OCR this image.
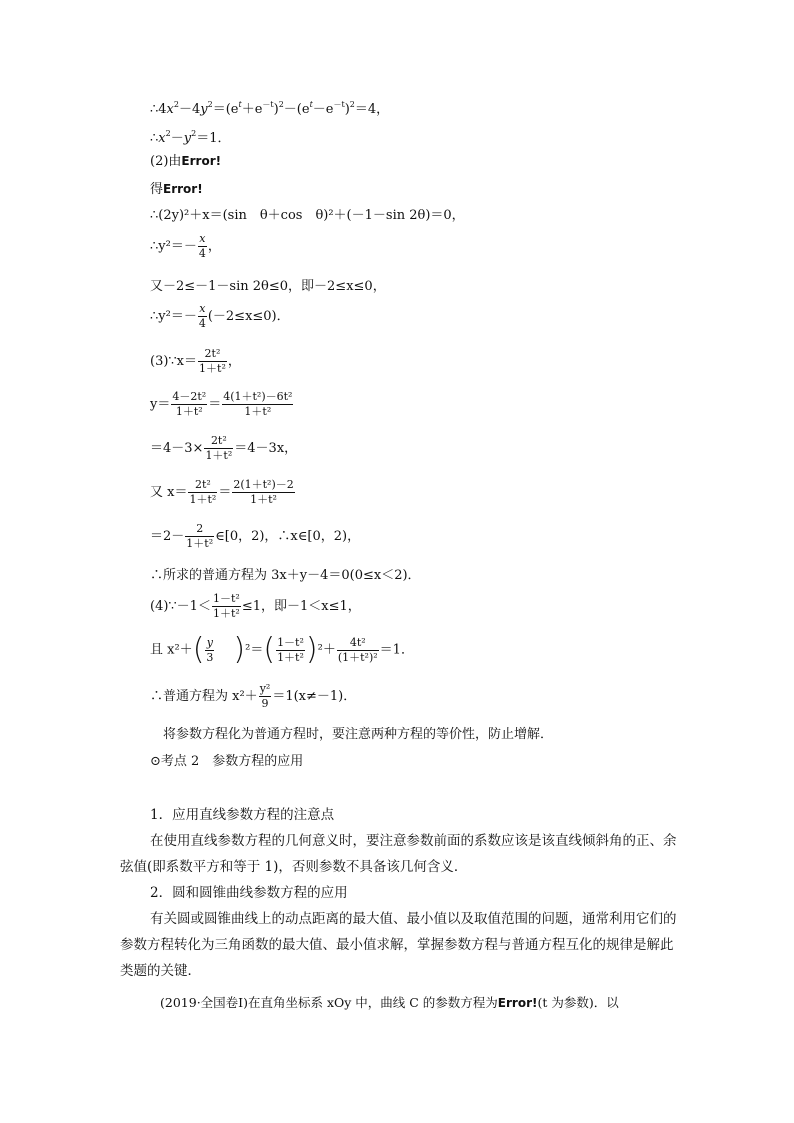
$\therefore 4x^2-4y^2=(e^t+e^{-t})^2-(e^t-e^{-t})^2=4$，
$\therefore x^2-y^2=1$．
(2)由Error!
得Error!
∴(2y)²＋x＝(sin　θ＋cos　θ)²＋(－1－sin 2θ)＝0，
∴y²＝－ $\frac{x}{4}$ ，
又－2≤－1－sin 2θ≤0，即－2≤x≤0，
∴y²＝－ $\frac{x}{4} (-2\le x\le 0)$．
(3)∵x＝ $\frac{\text{2t²}}{\text{1＋t²}}$ ，
$y= \frac{\text{4－2t²}}{\text{1＋t²}} = \frac{\text{4(1＋t²)－6t²}}{\text{1＋t²}}$
$=4-3\times \frac{\text{2t²}}{\text{1＋t²}} =4-3x$，
又 $x= \frac{\text{2t²}}{\text{1＋t²}} = \frac{\text{2(1＋t²)－2}}{\text{1＋t²}}$
$=2- \frac{2}{\text{1＋t²}}$ ∈[0，2)，∴x∈[0，2)，
∴所求的普通方程为 3x＋y－4＝0(0≤x＜2)．
(4)∵－1＜ $\frac{\text{1－t²}}{\text{1＋t²}} \le 1$，即－1＜x≤1，
且 $x^2+( \frac{y}{3} )^2=( \frac{\text{1－t²}}{\text{1＋t²}} )^2+ \frac{\text{4t²}}{\text{(1＋t²)²}} =1$．
∴普通方程为 $x^2+ \frac{\text{y²}}{9} =1(x\ne-1)$．
将参数方程化为普通方程时，要注意两种方程的等价性，防止增解．
⊙考点 2　参数方程的应用
1．应用直线参数方程的注意点
在使用直线参数方程的几何意义时，要注意参数前面的系数应该是该直线倾斜角的正、余弦值(即系数平方和等于 1)，否则参数不具备该几何含义．
2．圆和圆锥曲线参数方程的应用
有关圆或圆锥曲线上的动点距离的最大值、最小值以及取值范围的问题，通常利用它们的参数方程转化为三角函数的最大值、最小值求解，掌握参数方程与普通方程互化的规律是解此类题的关键．
(2019·全国卷Ⅰ)在直角坐标系 xOy 中，曲线 C 的参数方程为Error!(t 为参数)．以
